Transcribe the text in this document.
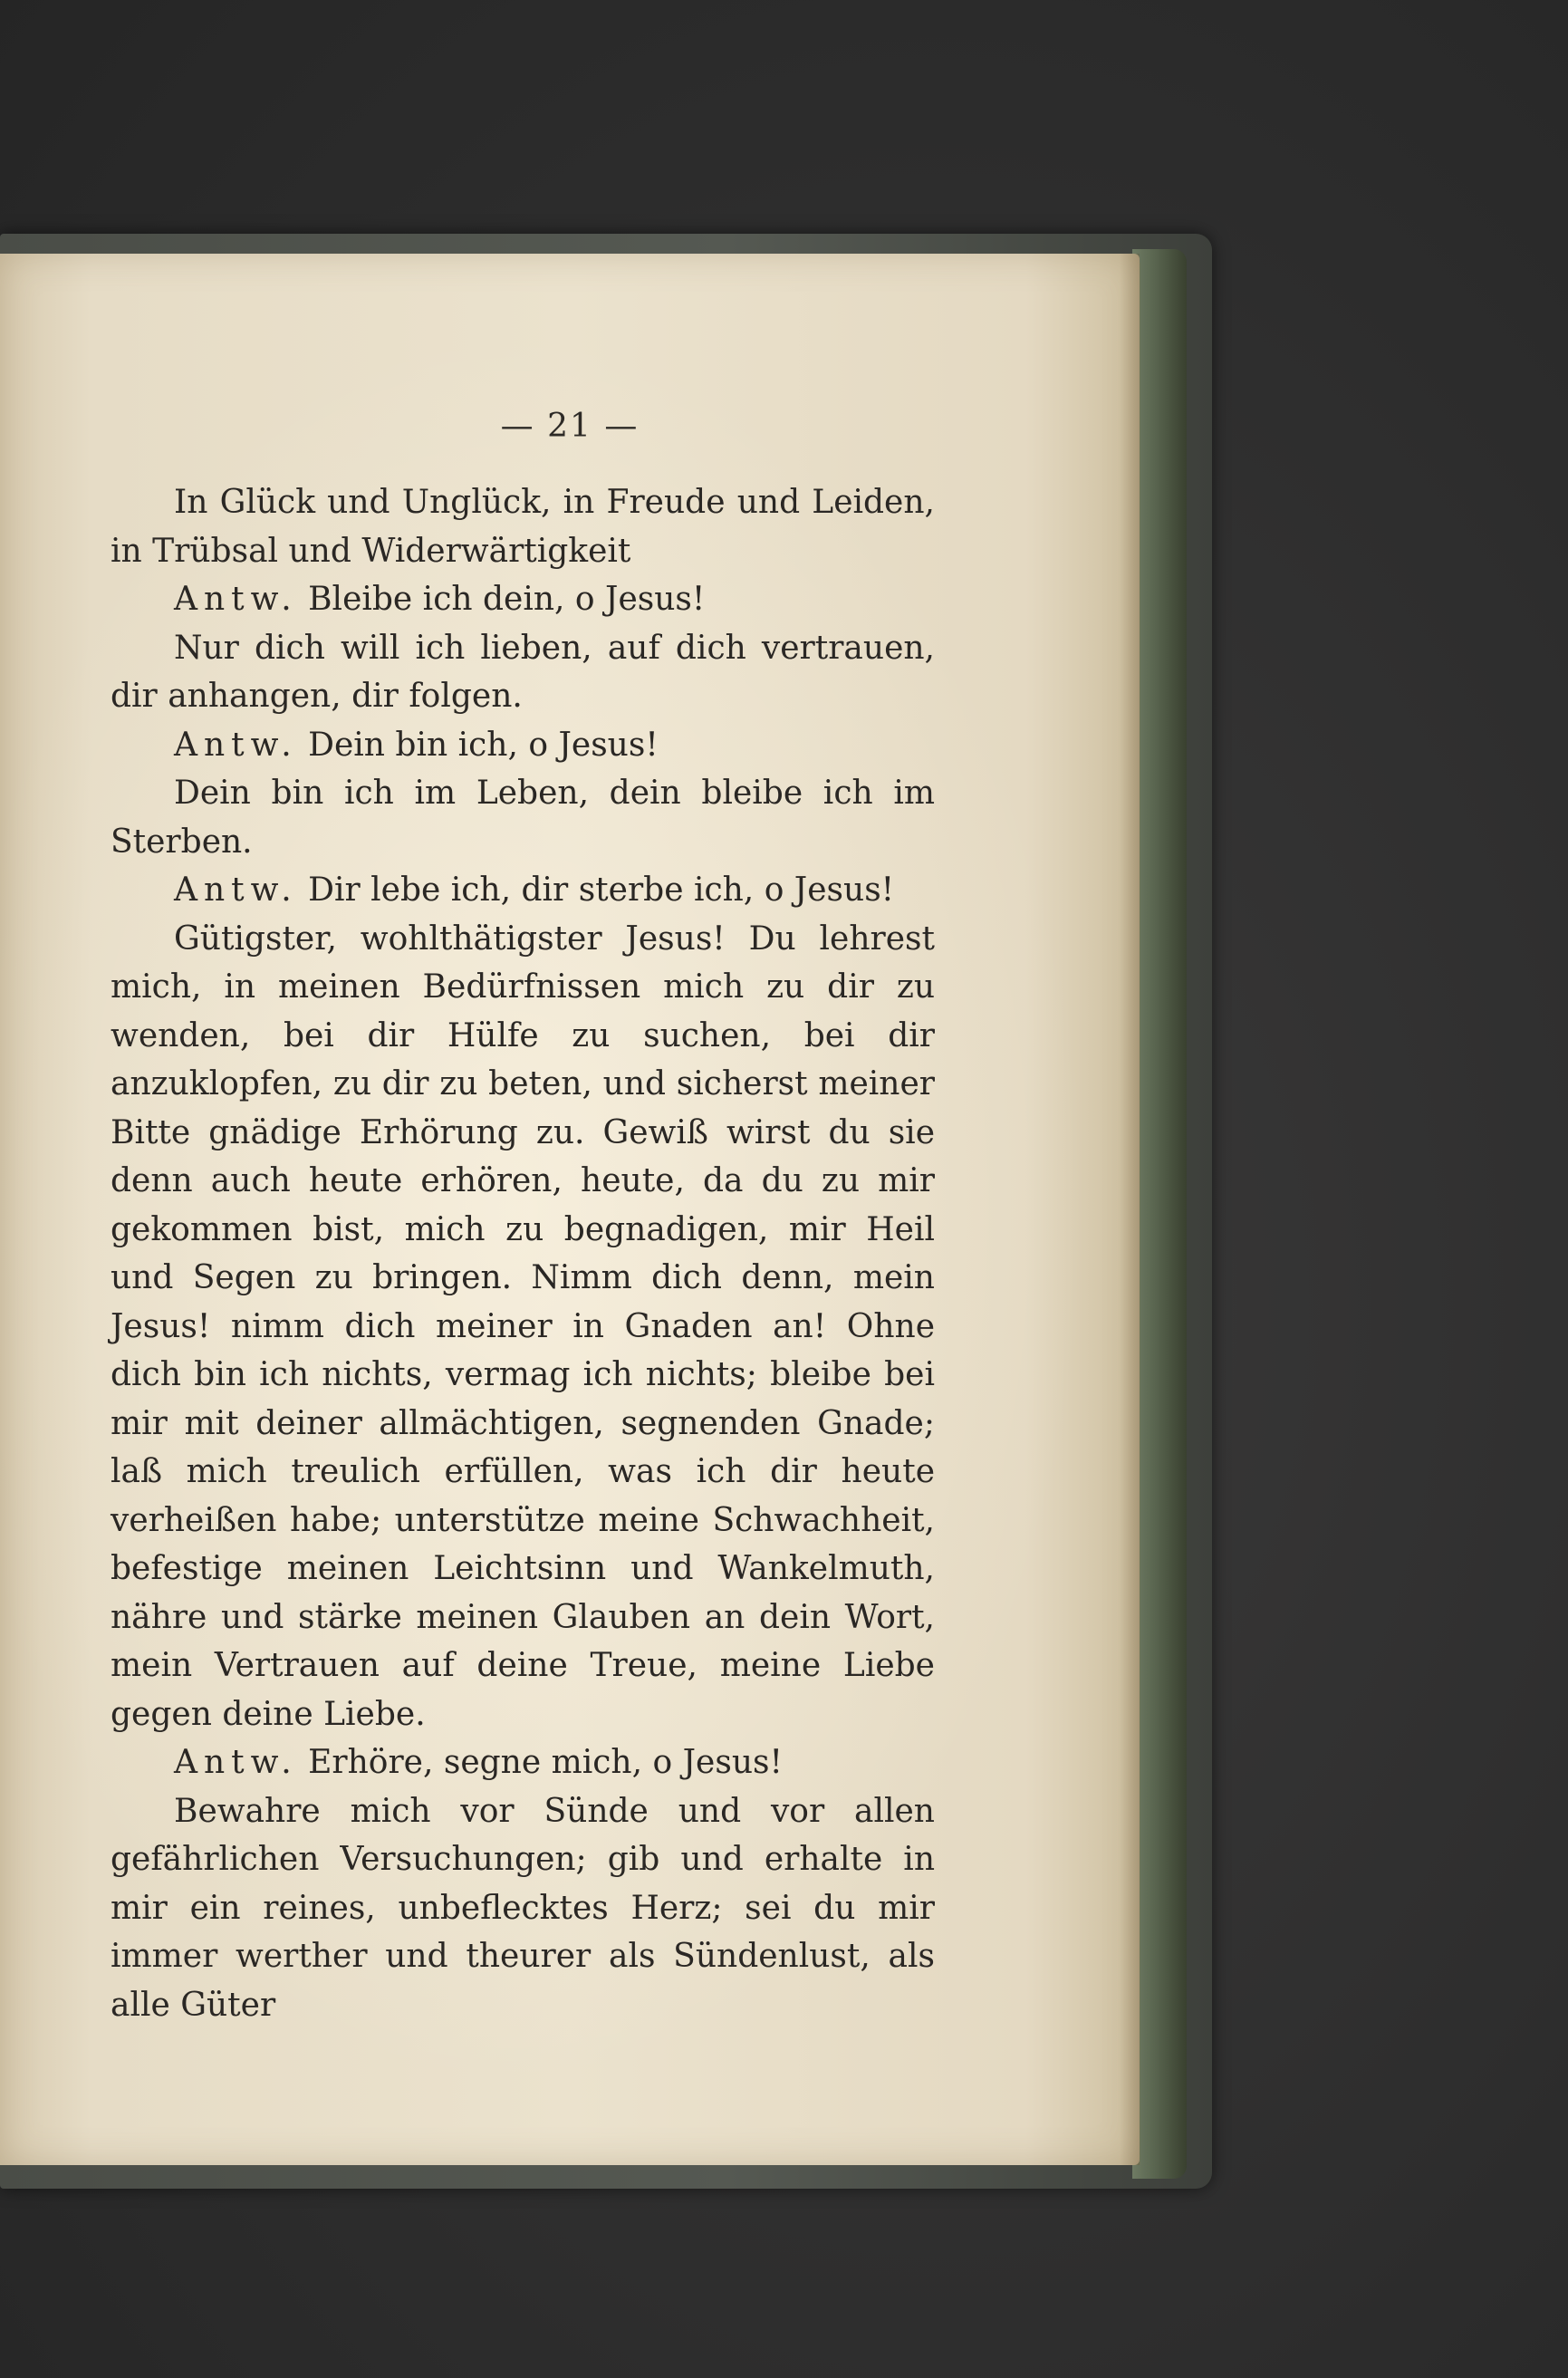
— 21 —

In Glück und Unglück, in Freude und Leiden, in Trübsal und Widerwärtigkeit

Antw. Bleibe ich dein, o Jesus!

Nur dich will ich lieben, auf dich vertrauen, dir anhangen, dir folgen.

Antw. Dein bin ich, o Jesus!

Dein bin ich im Leben, dein bleibe ich im Sterben.

Antw. Dir lebe ich, dir sterbe ich, o Jesus!

Gütigster, wohlthätigster Jesus! Du lehrest mich, in meinen Bedürfnissen mich zu dir zu wenden, bei dir Hülfe zu suchen, bei dir anzuklopfen, zu dir zu beten, und sicherst meiner Bitte gnädige Erhörung zu. Gewiß wirst du sie denn auch heute erhören, heute, da du zu mir gekommen bist, mich zu begnadigen, mir Heil und Segen zu bringen. Nimm dich denn, mein Jesus! nimm dich meiner in Gnaden an! Ohne dich bin ich nichts, vermag ich nichts; bleibe bei mir mit deiner allmächtigen, segnenden Gnade; laß mich treulich erfüllen, was ich dir heute verheißen habe; unterstütze meine Schwachheit, befestige meinen Leichtsinn und Wankelmuth, nähre und stärke meinen Glauben an dein Wort, mein Vertrauen auf deine Treue, meine Liebe gegen deine Liebe.

Antw. Erhöre, segne mich, o Jesus!

Bewahre mich vor Sünde und vor allen gefährlichen Versuchungen; gib und erhalte in mir ein reines, unbeflecktes Herz; sei du mir immer werther und theurer als Sündenlust, als alle Güter
